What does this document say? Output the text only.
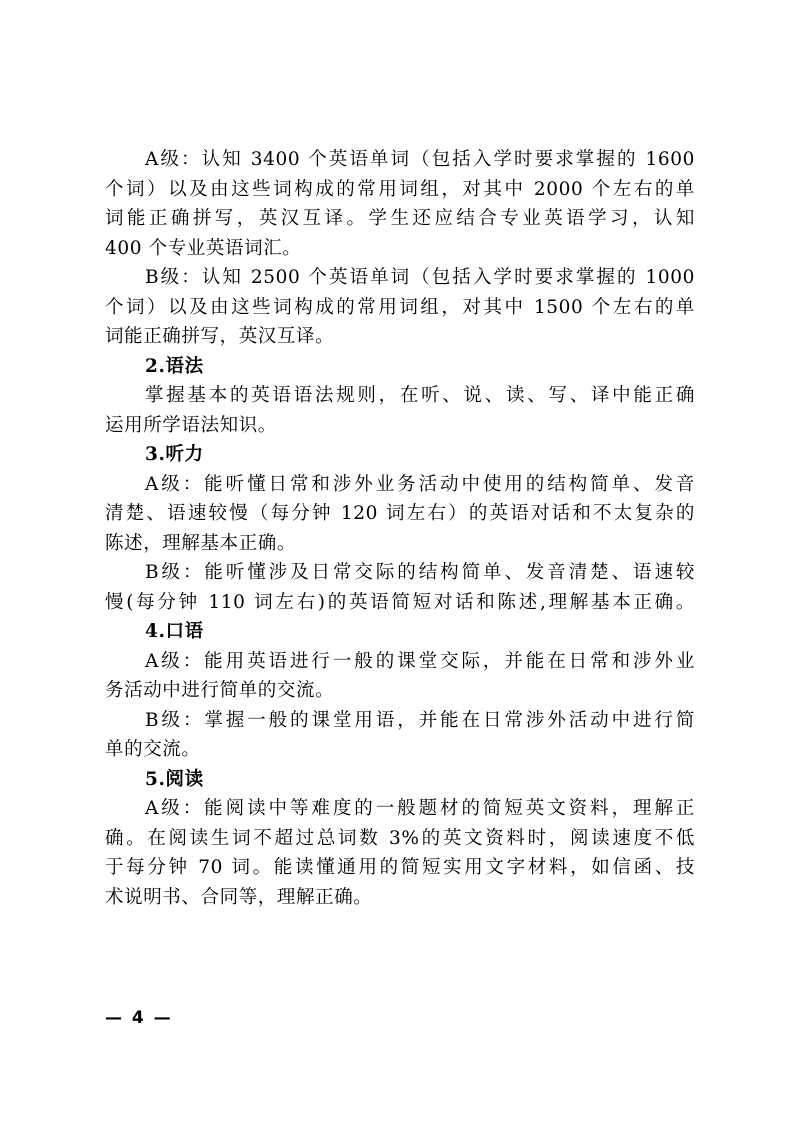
A级：认知 3400 个英语单词（包括入学时要求掌握的 1600
个词）以及由这些词构成的常用词组，对其中 2000 个左右的单
词能正确拼写，英汉互译。学生还应结合专业英语学习，认知
400 个专业英语词汇。
B级：认知 2500 个英语单词（包括入学时要求掌握的 1000
个词）以及由这些词构成的常用词组，对其中 1500 个左右的单
词能正确拼写，英汉互译。
2.语法
掌握基本的英语语法规则，在听、说、读、写、译中能正确
运用所学语法知识。
3.听力
A级：能听懂日常和涉外业务活动中使用的结构简单、发音
清楚、语速较慢（每分钟 120 词左右）的英语对话和不太复杂的
陈述，理解基本正确。
B级：能听懂涉及日常交际的结构简单、发音清楚、语速较
慢(每分钟 110 词左右)的英语简短对话和陈述,理解基本正确。
4.口语
A级：能用英语进行一般的课堂交际，并能在日常和涉外业
务活动中进行简单的交流。
B级：掌握一般的课堂用语，并能在日常涉外活动中进行简
单的交流。
5.阅读
A级：能阅读中等难度的一般题材的简短英文资料，理解正
确。在阅读生词不超过总词数 3%的英文资料时，阅读速度不低
于每分钟 70 词。能读懂通用的简短实用文字材料，如信函、技
术说明书、合同等，理解正确。
— 4 —
